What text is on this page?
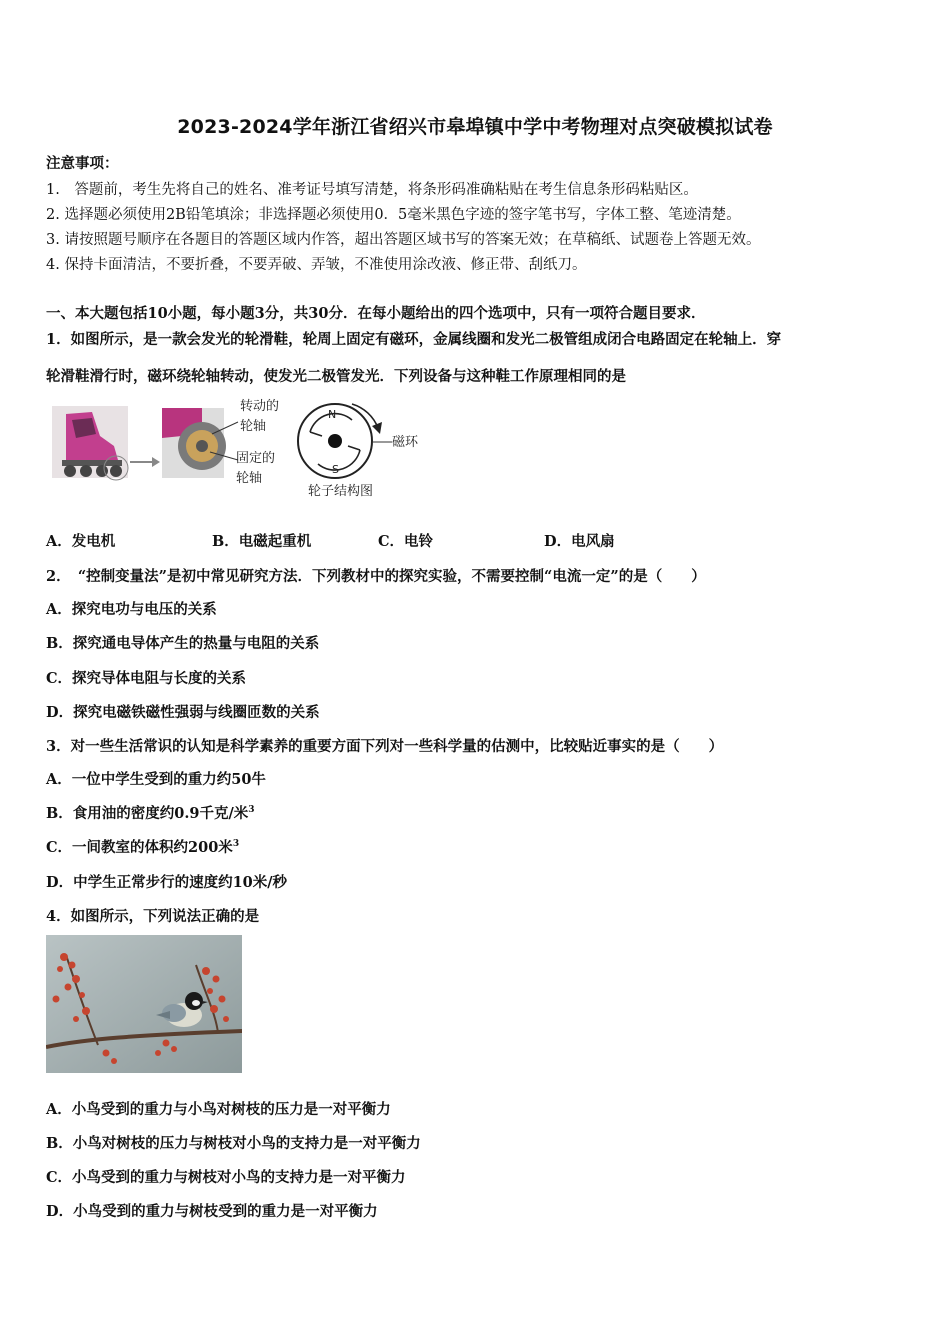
2023-2024学年浙江省绍兴市皋埠镇中学中考物理对点突破模拟试卷
注意事项：
1.　答题前，考生先将自己的姓名、准考证号填写清楚，将条形码准确粘贴在考生信息条形码粘贴区。
2. 选择题必须使用2B铅笔填涂；非选择题必须使用0．5毫米黑色字迹的签字笔书写，字体工整、笔迹清楚。
3. 请按照题号顺序在各题目的答题区域内作答，超出答题区域书写的答案无效；在草稿纸、试题卷上答题无效。
4. 保持卡面清洁，不要折叠，不要弄破、弄皱，不准使用涂改液、修正带、刮纸刀。
一、本大题包括10小题，每小题3分，共30分．在每小题给出的四个选项中，只有一项符合题目要求．
1．如图所示，是一款会发光的轮滑鞋，轮周上固定有磁环，金属线圈和发光二极管组成闭合电路固定在轮轴上．穿
轮滑鞋滑行时，磁环绕轮轴转动，使发光二极管发光．下列设备与这种鞋工作原理相同的是
转动的
轮轴
固定的
轮轴
N
S
磁环
轮子结构图
A．发电机	B．电磁起重机	C．电铃	D．电风扇
2．　“控制变量法”是初中常见研究方法．下列教材中的探究实验，不需要控制“电流一定”的是（　　）
A．探究电功与电压的关系
B．探究通电导体产生的热量与电阻的关系
C．探究导体电阻与长度的关系
D．探究电磁铁磁性强弱与线圈匝数的关系
3．对一些生活常识的认知是科学素养的重要方面下列对一些科学量的估测中，比较贴近事实的是（　　）
A．一位中学生受到的重力约50牛
B．食用油的密度约0.9千克/米$^3$
C．一间教室的体积约200米$^3$
D．中学生正常步行的速度约10米/秒
4．如图所示，下列说法正确的是
A．小鸟受到的重力与小鸟对树枝的压力是一对平衡力
B．小鸟对树枝的压力与树枝对小鸟的支持力是一对平衡力
C．小鸟受到的重力与树枝对小鸟的支持力是一对平衡力
D．小鸟受到的重力与树枝受到的重力是一对平衡力
